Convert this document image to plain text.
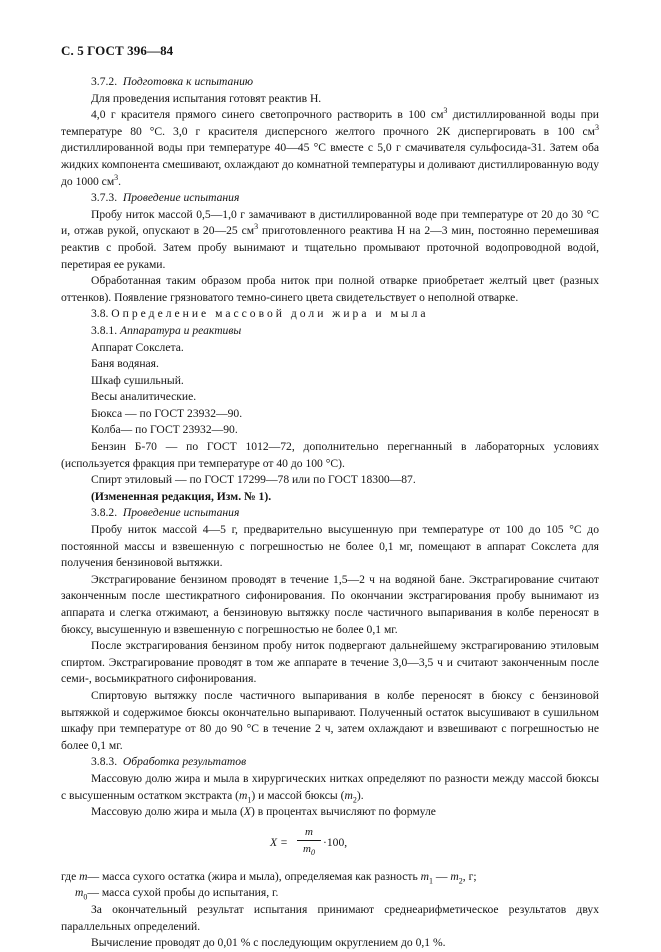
С. 5 ГОСТ 396—84

3.7.2. Подготовка к испытанию

Для проведения испытания готовят реактив Н.

4,0 г красителя прямого синего светопрочного растворить в 100 $см^3$ дистиллированной воды при температуре 80 °С. 3,0 г красителя дисперсного желтого прочного 2К диспергировать в 100 $см^3$ дистиллированной воды при температуре 40—45 °С вместе с 5,0 г смачивателя сульфосида-31. Затем оба жидких компонента смешивают, охлаждают до комнатной температуры и доливают дистиллированную воду до 1000 $см^3$.

3.7.3. Проведение испытания

Пробу ниток массой 0,5—1,0 г замачивают в дистиллированной воде при температуре от 20 до 30 °С и, отжав рукой, опускают в 20—25 $см^3$ приготовленного реактива Н на 2—3 мин, постоянно перемешивая реактив с пробой. Затем пробу вынимают и тщательно промывают проточной водопроводной водой, перетирая ее руками.

Обработанная таким образом проба ниток при полной отварке приобретает желтый цвет (разных оттенков). Появление грязноватого темно-синего цвета свидетельствует о неполной отварке.

3.8. Определение массовой доли жира и мыла

3.8.1. Аппаратура и реактивы

Аппарат Сокслета.

Баня водяная.

Шкаф сушильный.

Весы аналитические.

Бюкса — по ГОСТ 23932—90.

Колба— по ГОСТ 23932—90.

Бензин Б-70 — по ГОСТ 1012—72, дополнительно перегнанный в лабораторных условиях (используется фракция при температуре от 40 до 100 °С).

Спирт этиловый — по ГОСТ 17299—78 или по ГОСТ 18300—87.

(Измененная редакция, Изм. № 1).

3.8.2. Проведение испытания

Пробу ниток массой 4—5 г, предварительно высушенную при температуре от 100 до 105 °С до постоянной массы и взвешенную с погрешностью не более 0,1 мг, помещают в аппарат Сокслета для получения бензиновой вытяжки.

Экстрагирование бензином проводят в течение 1,5—2 ч на водяной бане. Экстрагирование считают законченным после шестикратного сифонирования. По окончании экстрагирования пробу вынимают из аппарата и слегка отжимают, а бензиновую вытяжку после частичного выпаривания в колбе переносят в бюксу, высушенную и взвешенную с погрешностью не более 0,1 мг.

После экстрагирования бензином пробу ниток подвергают дальнейшему экстрагированию этиловым спиртом. Экстрагирование проводят в том же аппарате в течение 3,0—3,5 ч и считают законченным после семи-, восьмикратного сифонирования.

Спиртовую вытяжку после частичного выпаривания в колбе переносят в бюксу с бензиновой вытяжкой и содержимое бюксы окончательно выпаривают. Полученный остаток высушивают в сушильном шкафу при температуре от 80 до 90 °С в течение 2 ч, затем охлаждают и взвешивают с погрешностью не более 0,1 мг.

3.8.3. Обработка результатов

Массовую долю жира и мыла в хирургических нитках определяют по разности между массой бюксы с высушенным остатком экстракта $(m_1)$ и массой бюксы $(m_2)$.

Массовую долю жира и мыла (X) в процентах вычисляют по формуле

X =
m
$m_0$
·100,

где m— масса сухого остатка (жира и мыла), определяемая как разность $m_1$ — $m_2$, г;

$m_0—$ масса сухой пробы до испытания, г.

За окончательный результат испытания принимают среднеарифметическое результатов двух параллельных определений.

Вычисление проводят до 0,01 % с последующим округлением до 0,1 %.
